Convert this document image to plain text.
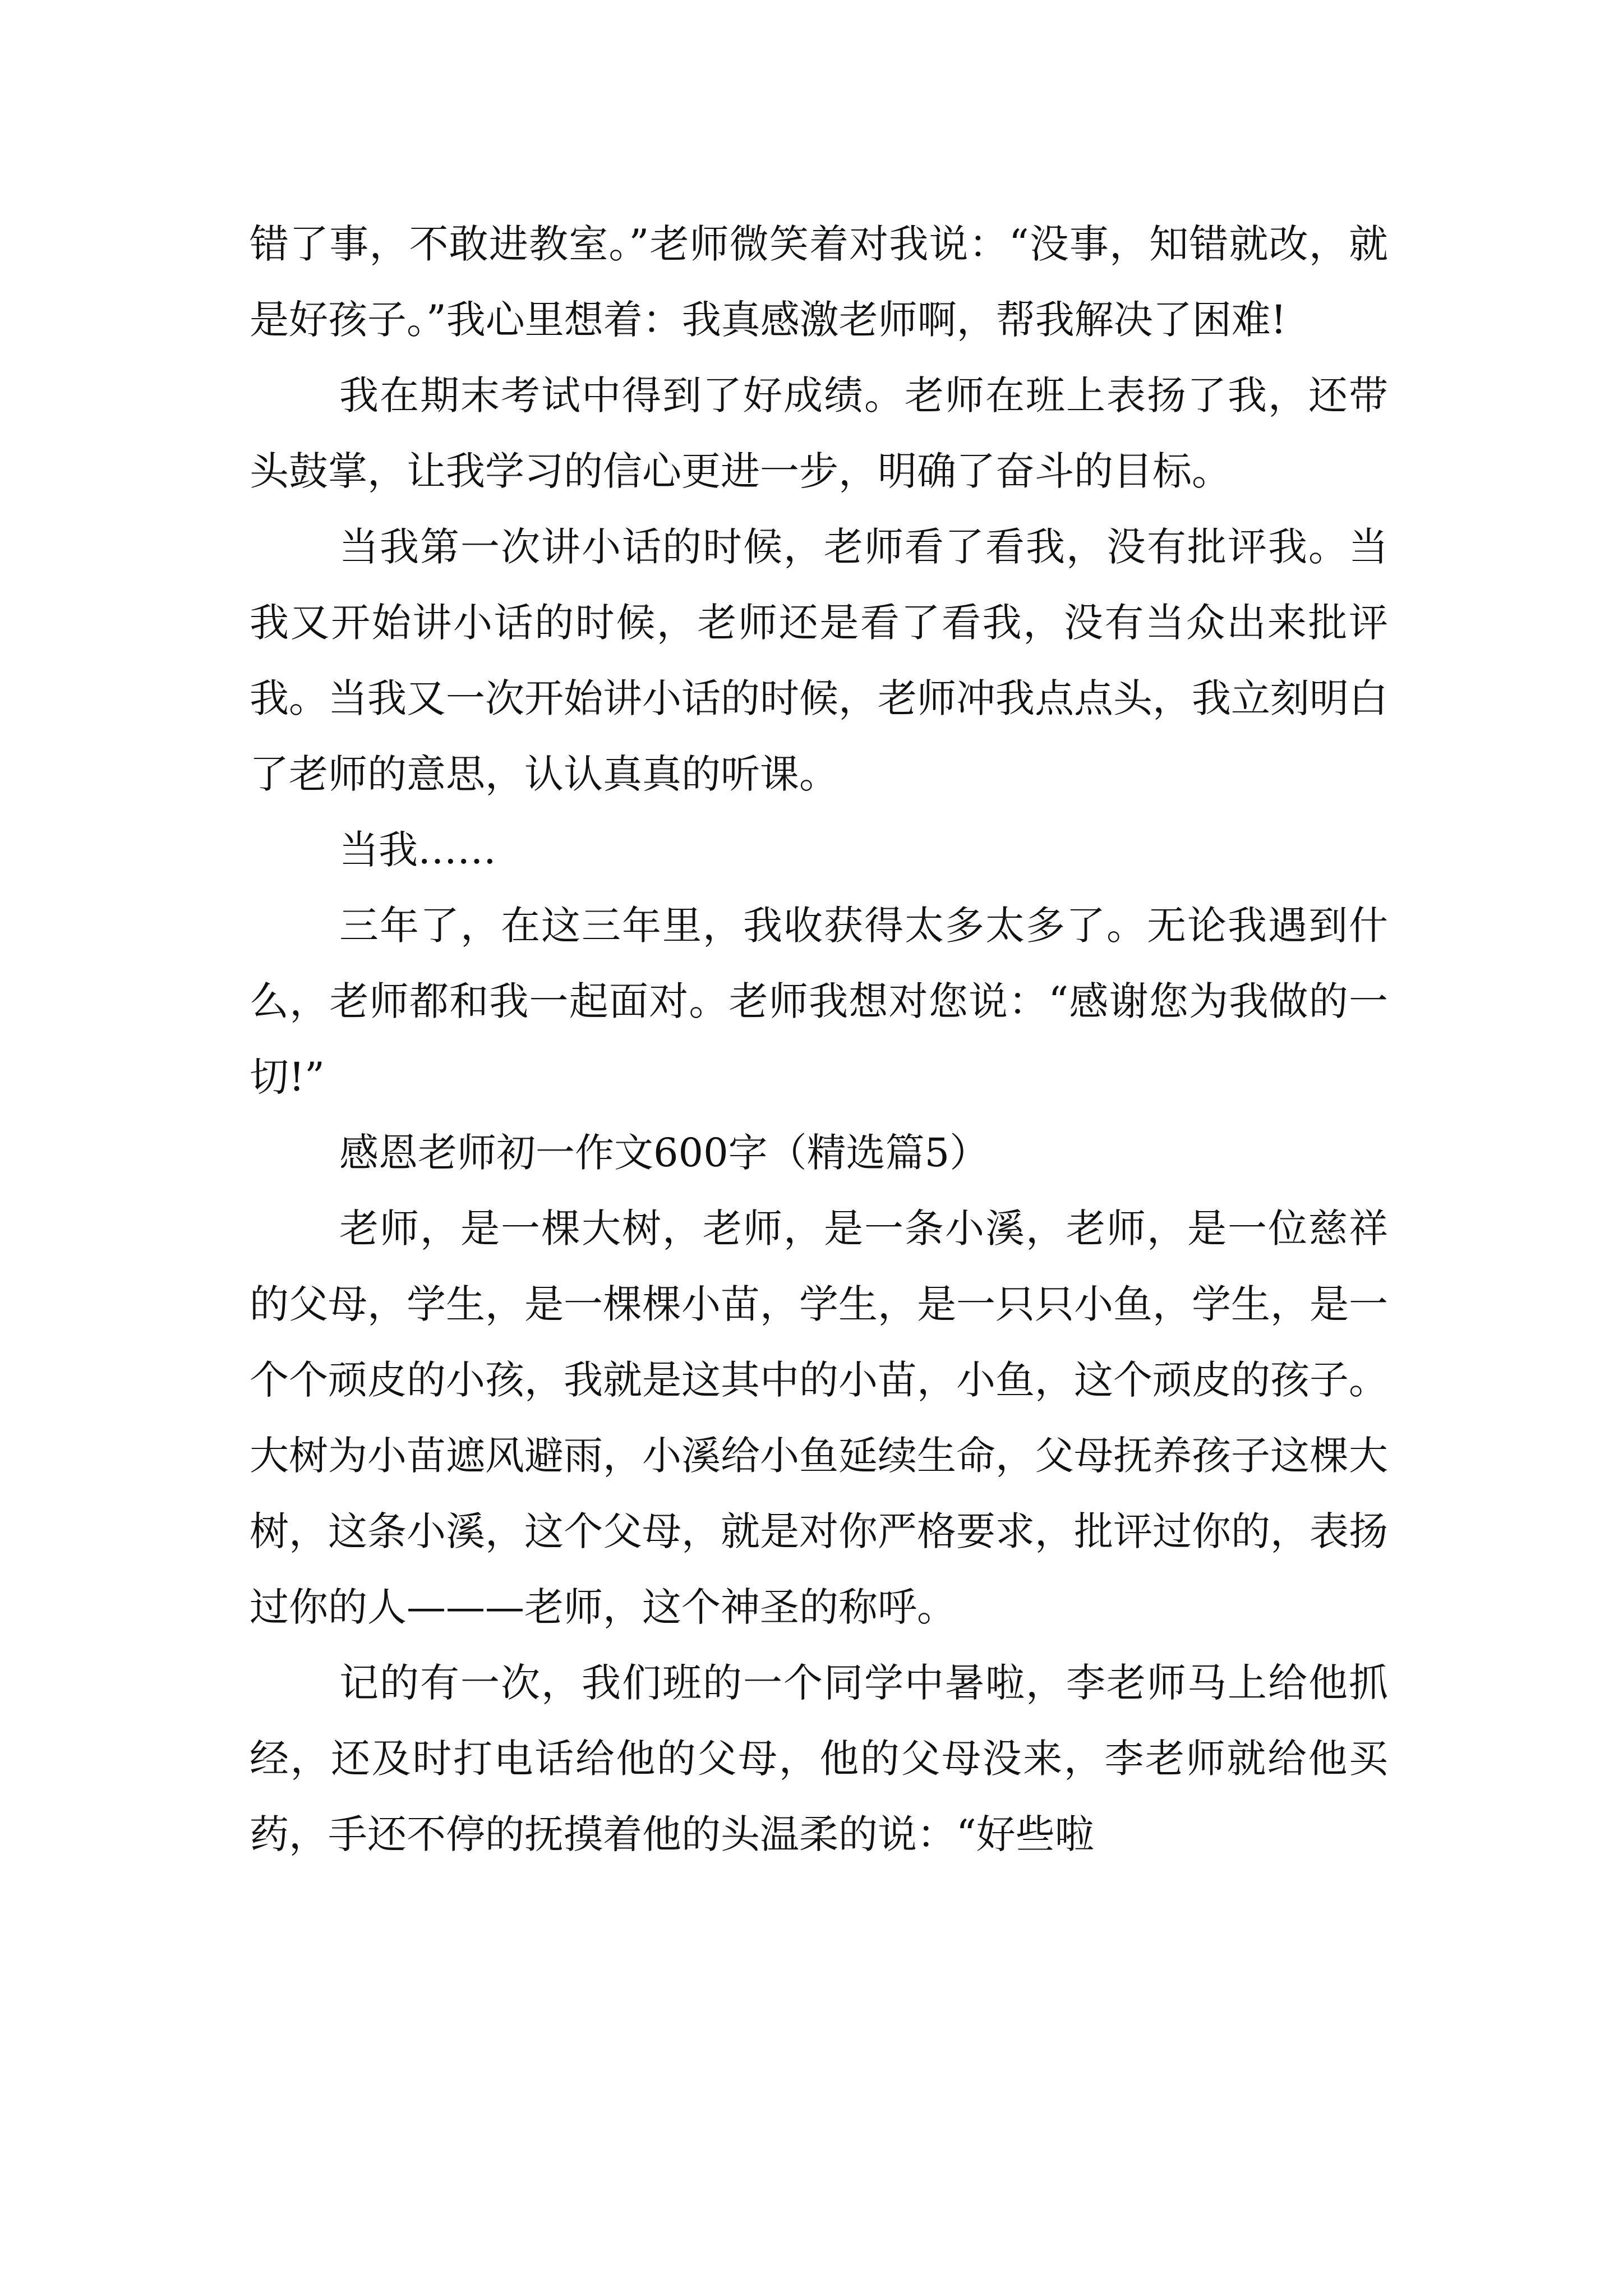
错了事，不敢进教室。”老师微笑着对我说：“没事，知错就改，就是好孩子。”我心里想着：我真感激老师啊，帮我解决了困难!

我在期末考试中得到了好成绩。老师在班上表扬了我，还带头鼓掌，让我学习的信心更进一步，明确了奋斗的目标。

当我第一次讲小话的时候，老师看了看我，没有批评我。当我又开始讲小话的时候，老师还是看了看我，没有当众出来批评我。当我又一次开始讲小话的时候，老师冲我点点头，我立刻明白了老师的意思，认认真真的听课。

当我……

三年了，在这三年里，我收获得太多太多了。无论我遇到什么，老师都和我一起面对。老师我想对您说：“感谢您为我做的一切!”

感恩老师初一作文600字（精选篇5）

老师，是一棵大树，老师，是一条小溪，老师，是一位慈祥的父母，学生，是一棵棵小苗，学生，是一只只小鱼，学生，是一个个顽皮的小孩，我就是这其中的小苗，小鱼，这个顽皮的孩子。大树为小苗遮风避雨，小溪给小鱼延续生命，父母抚养孩子这棵大树，这条小溪，这个父母，就是对你严格要求，批评过你的，表扬过你的人———老师，这个神圣的称呼。

记的有一次，我们班的一个同学中暑啦，李老师马上给他抓经，还及时打电话给他的父母，他的父母没来，李老师就给他买药，手还不停的抚摸着他的头温柔的说：“好些啦
